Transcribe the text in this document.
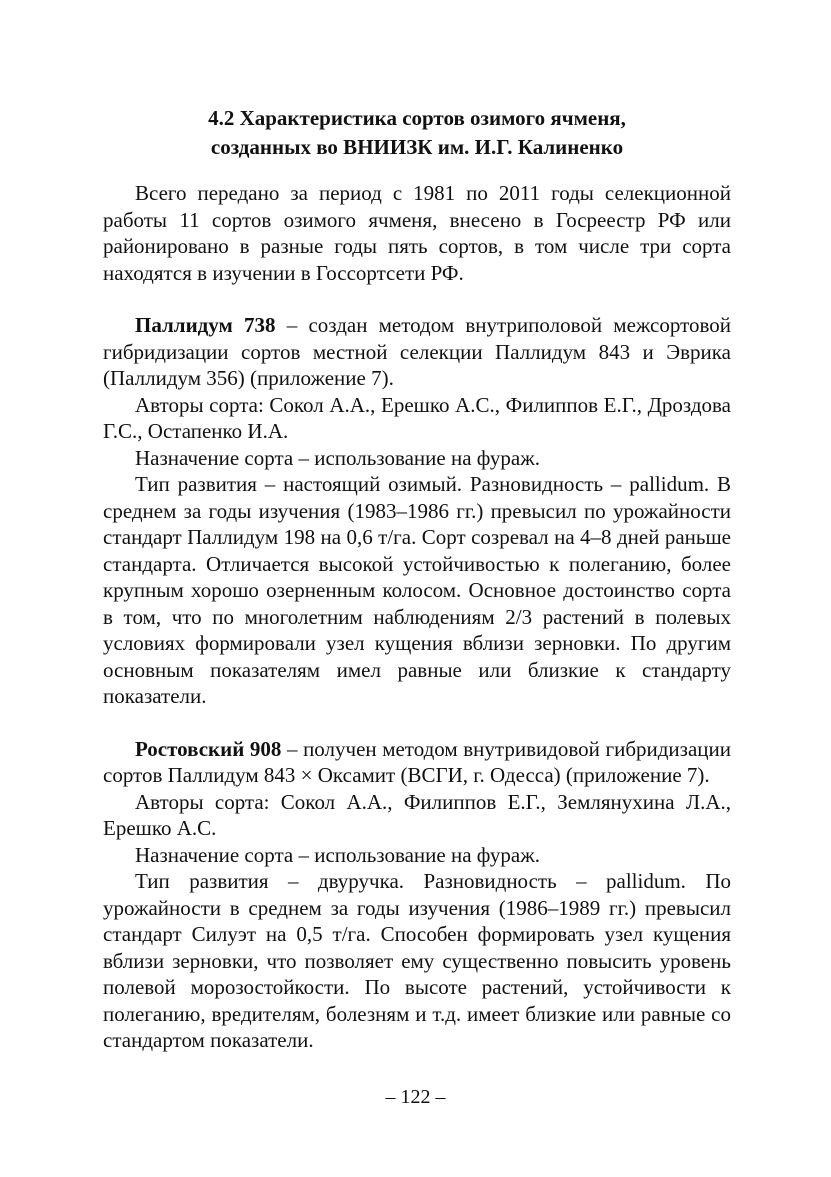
4.2 Характеристика сортов озимого ячменя,
созданных во ВНИИЗК им. И.Г. Калиненко

Всего передано за период с 1981 по 2011 годы селекционной работы 11 сортов озимого ячменя, внесено в Госреестр РФ или районировано в разные годы пять сортов, в том числе три сорта находятся в изучении в Госсортсети РФ.

Паллидум 738 – создан методом внутриполовой межсортовой гибридизации сортов местной селекции Паллидум 843 и Эврика (Паллидум 356) (приложение 7).

Авторы сорта: Сокол А.А., Ерешко А.С., Филиппов Е.Г., Дроздова Г.С., Остапенко И.А.

Назначение сорта – использование на фураж.

Тип развития – настоящий озимый. Разновидность – pallidum. В среднем за годы изучения (1983–1986 гг.) превысил по урожайности стандарт Паллидум 198 на 0,6 т/га. Сорт созревал на 4–8 дней раньше стандарта. Отличается высокой устойчивостью к полеганию, более крупным хорошо озерненным колосом. Основное достоинство сорта в том, что по многолетним наблюдениям 2/3 растений в полевых условиях формировали узел кущения вблизи зерновки. По другим основным показателям имел равные или близкие к стандарту показатели.

Ростовский 908 – получен методом внутривидовой гибридизации сортов Паллидум 843 × Оксамит (ВСГИ, г. Одесса) (приложение 7).

Авторы сорта: Сокол А.А., Филиппов Е.Г., Землянухина Л.А., Ерешко А.С.

Назначение сорта – использование на фураж.

Тип развития – двуручка. Разновидность – pallidum. По урожайности в среднем за годы изучения (1986–1989 гг.) превысил стандарт Силуэт на 0,5 т/га. Способен формировать узел кущения вблизи зерновки, что позволяет ему существенно повысить уровень полевой морозостойкости. По высоте растений, устойчивости к полеганию, вредителям, болезням и т.д. имеет близкие или равные со стандартом показатели.

– 122 –
